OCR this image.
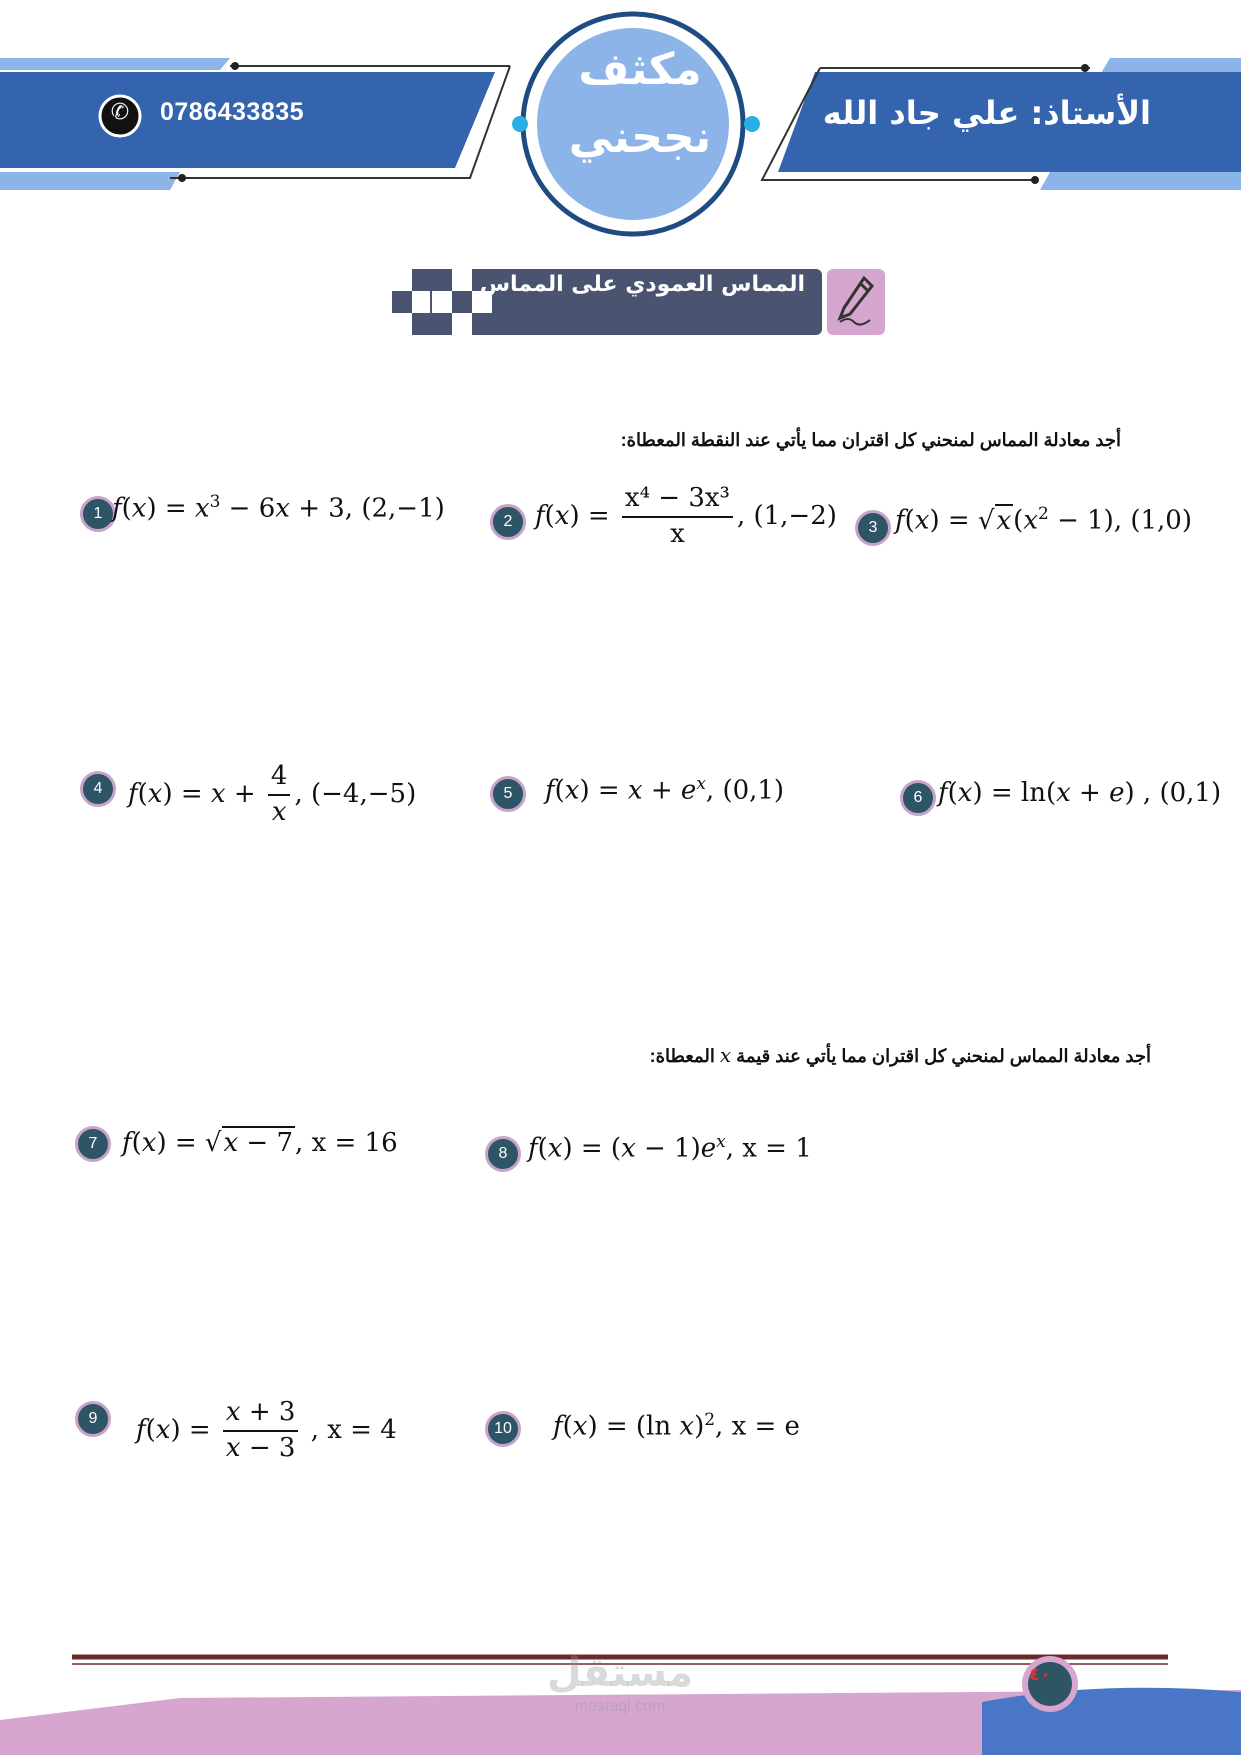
✆	0786433835	الأستاذ: علي جاد الله
مكثف
نجحني
المماس العمودي على المماس
أجد معادلة المماس لمنحني كل اقتران مما يأتي عند النقطة المعطاة:
1 $f(x) = x^3 - 6x + 3$, (2,−1)	2 $f(x) = \frac{\text{x⁴ − 3x³}}{x}$ , (1,−2)	3 $f(x) = √x(x^2 - 1)$, (1,0)
4 $f(x) = x + \frac{4}{x}$ , (−4,−5)	5	$f(x) = x + e^x$, (0,1)	6 f(x) = ln(x + e) , (0,1)
أجد معادلة المماس لمنحني كل اقتران مما يأتي عند قيمة x المعطاة:
7 f(x) = √x − 7, x = 16	8 $f(x) = (x - 1)e^x$, x = 1
9	$f(x) = \frac{x + 3}{x - 3}$ , x = 4	10	f(x) = (ln x)$^2$, x = e
٤٠
مستقل
mostaql.com
